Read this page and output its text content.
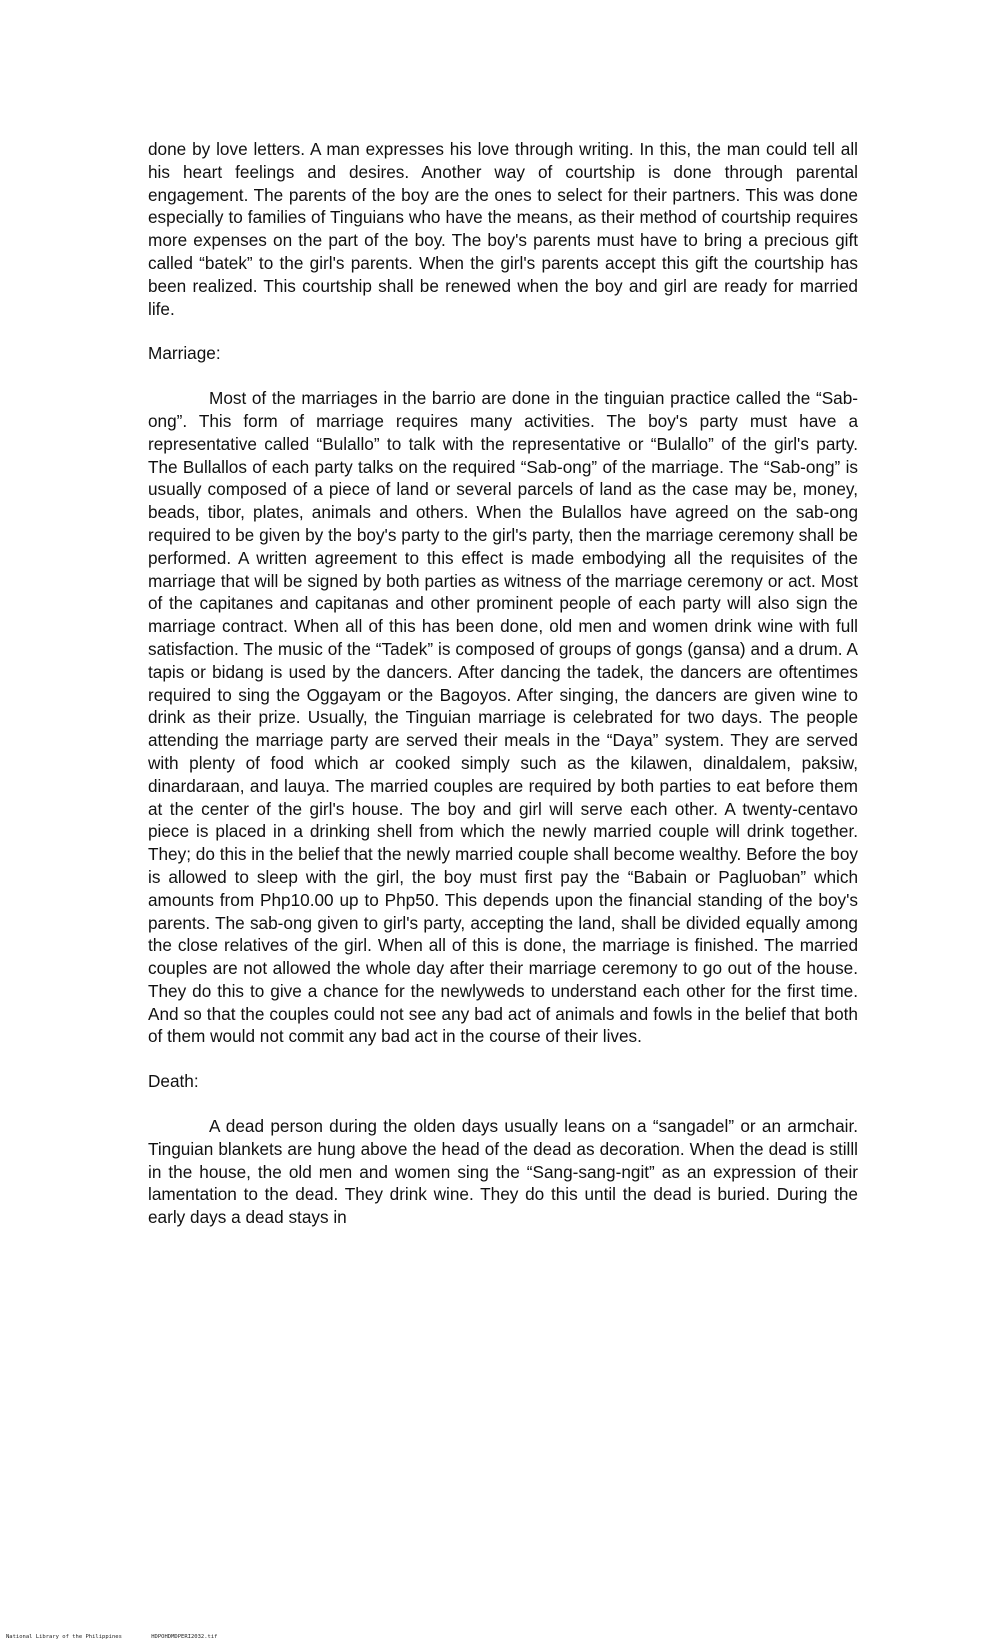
done by love letters. A man expresses his love through writing. In this, the man could tell all his heart feelings and desires. Another way of courtship is done through parental engagement. The parents of the boy are the ones to select for their partners. This was done especially to families of Tinguians who have the means, as their method of courtship requires more expenses on the part of the boy. The boy's parents must have to bring a precious gift called “batek” to the girl's parents. When the girl's parents accept this gift the courtship has been realized. This courtship shall be renewed when the boy and girl are ready for married life.

Marriage:

Most of the marriages in the barrio are done in the tinguian practice called the “Sab-ong”. This form of marriage requires many activities. The boy's party must have a representative called “Bulallo” to talk with the representative or “Bulallo” of the girl's party. The Bullallos of each party talks on the required “Sab-ong” of the marriage. The “Sab-ong” is usually composed of a piece of land or several parcels of land as the case may be, money, beads, tibor, plates, animals and others. When the Bulallos have agreed on the sab-ong required to be given by the boy's party to the girl's party, then the marriage ceremony shall be performed. A written agreement to this effect is made embodying all the requisites of the marriage that will be signed by both parties as witness of the marriage ceremony or act. Most of the capitanes and capitanas and other prominent people of each party will also sign the marriage contract. When all of this has been done, old men and women drink wine with full satisfaction. The music of the “Tadek” is composed of groups of gongs (gansa) and a drum. A tapis or bidang is used by the dancers. After dancing the tadek, the dancers are oftentimes required to sing the Oggayam or the Bagoyos. After singing, the dancers are given wine to drink as their prize. Usually, the Tinguian marriage is celebrated for two days. The people attending the marriage party are served their meals in the “Daya” system. They are served with plenty of food which ar cooked simply such as the kilawen, dinaldalem, paksiw, dinardaraan, and lauya. The married couples are required by both parties to eat before them at the center of the girl's house. The boy and girl will serve each other. A twenty-centavo piece is placed in a drinking shell from which the newly married couple will drink together. They; do this in the belief that the newly married couple shall become wealthy. Before the boy is allowed to sleep with the girl, the boy must first pay the “Babain or Pagluoban” which amounts from Php10.00 up to Php50. This depends upon the financial standing of the boy's parents. The sab-ong given to girl's party, accepting the land, shall be divided equally among the close relatives of the girl. When all of this is done, the marriage is finished. The married couples are not allowed the whole day after their marriage ceremony to go out of the house. They do this to give a chance for the newlyweds to understand each other for the first time. And so that the couples could not see any bad act of animals and fowls in the belief that both of them would not commit any bad act in the course of their lives.

Death:

A dead person during the olden days usually leans on a “sangadel” or an armchair. Tinguian blankets are hung above the head of the dead as decoration. When the dead is stilll in the house, the old men and women sing the “Sang-sang-ngit” as an expression of their lamentation to the dead. They drink wine. They do this until the dead is buried. During the early days a dead stays in

National Library of the Philippines	HDPOHDMDPERI2032.tif
